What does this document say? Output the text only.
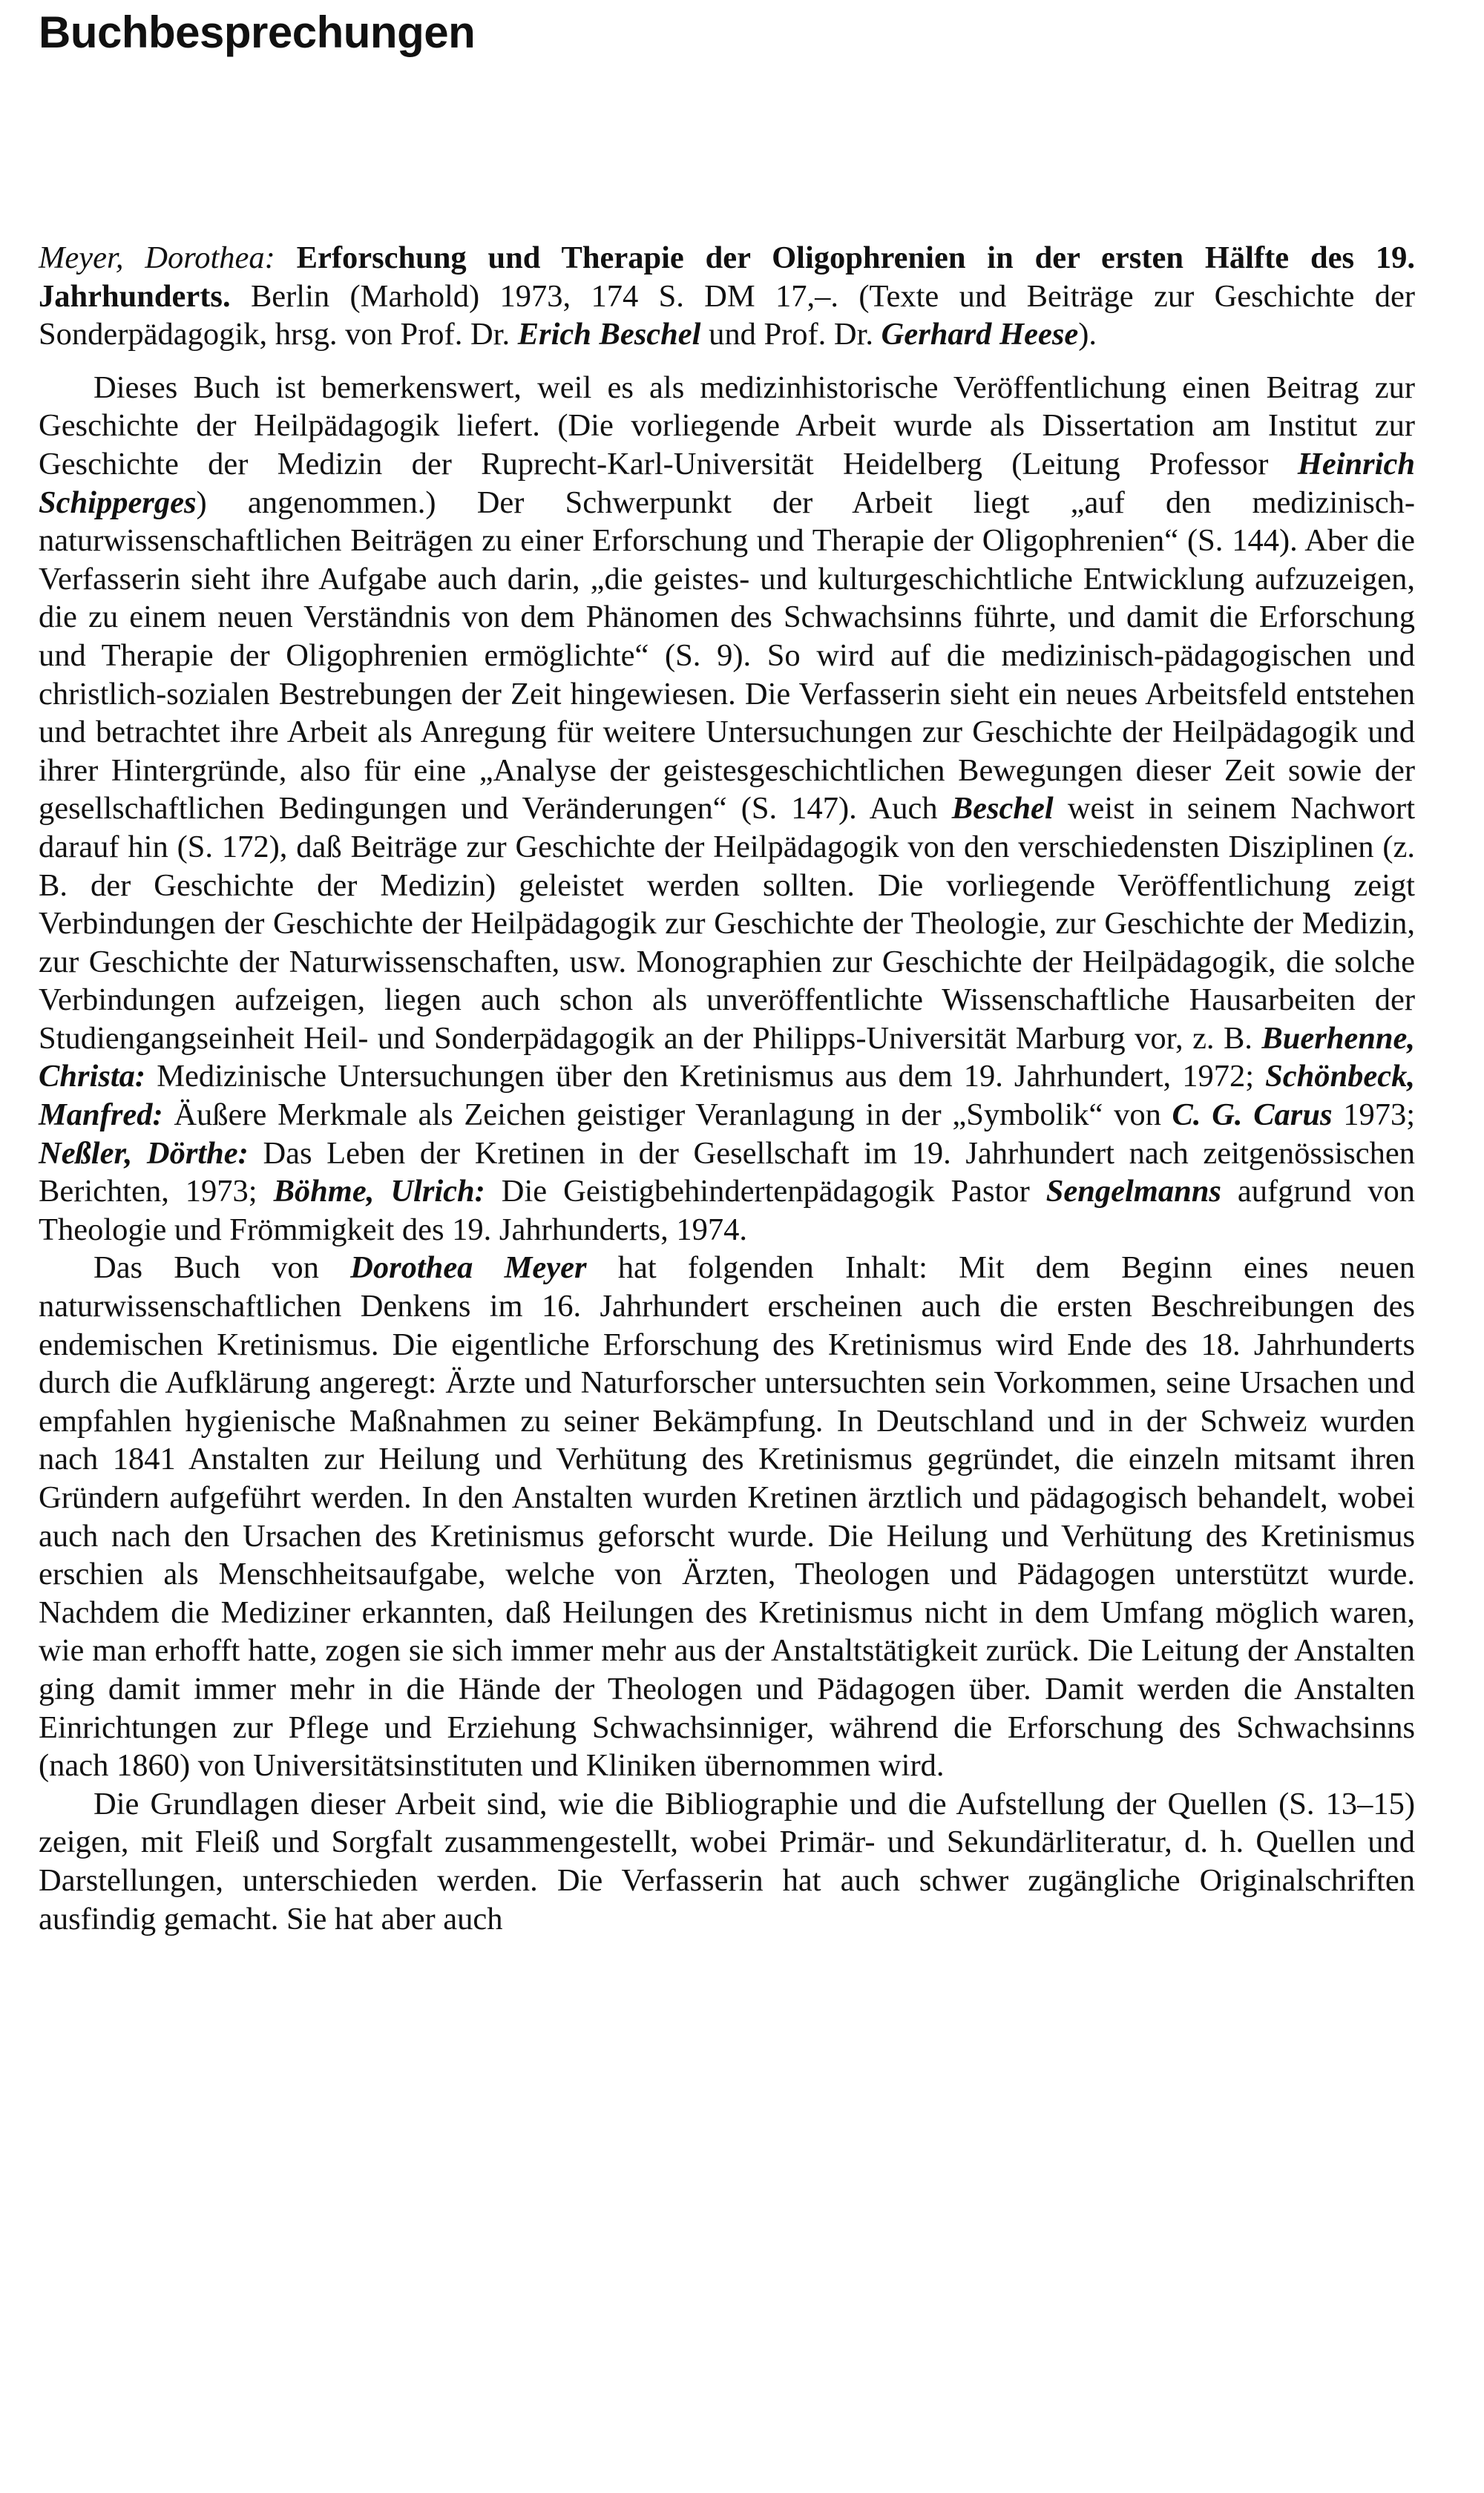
Buchbesprechungen

Meyer, Dorothea: Erforschung und Therapie der Oligophrenien in der ersten Hälfte des 19. Jahrhunderts. Berlin (Marhold) 1973, 174 S. DM 17,–. (Texte und Beiträge zur Geschichte der Sonderpädagogik, hrsg. von Prof. Dr. Erich Beschel und Prof. Dr. Gerhard Heese).

Dieses Buch ist bemerkenswert, weil es als medizinhistorische Veröffentlichung einen Beitrag zur Geschichte der Heilpädagogik liefert. (Die vorliegende Arbeit wurde als Dissertation am Institut zur Geschichte der Medizin der Ruprecht-Karl-Universität Heidelberg (Leitung Professor Heinrich Schipperges) angenommen.) Der Schwerpunkt der Arbeit liegt „auf den medizinisch-naturwissenschaftlichen Beiträgen zu einer Erforschung und Therapie der Oligophrenien“ (S. 144). Aber die Verfasserin sieht ihre Aufgabe auch darin, „die geistes- und kulturgeschichtliche Entwicklung aufzuzeigen, die zu einem neuen Verständnis von dem Phänomen des Schwachsinns führte, und damit die Erforschung und Therapie der Oligophrenien ermöglichte“ (S. 9). So wird auf die medizinisch-pädagogischen und christlich-sozialen Bestrebungen der Zeit hingewiesen. Die Verfasserin sieht ein neues Arbeitsfeld entstehen und betrachtet ihre Arbeit als Anregung für weitere Untersuchungen zur Geschichte der Heilpädagogik und ihrer Hintergründe, also für eine „Analyse der geistesgeschichtlichen Bewegungen dieser Zeit sowie der gesellschaftlichen Bedingungen und Veränderungen“ (S. 147). Auch Beschel weist in seinem Nachwort darauf hin (S. 172), daß Beiträge zur Geschichte der Heilpädagogik von den verschiedensten Disziplinen (z. B. der Geschichte der Medizin) geleistet werden sollten. Die vorliegende Veröffentlichung zeigt Verbindungen der Geschichte der Heilpädagogik zur Geschichte der Theologie, zur Geschichte der Medizin, zur Geschichte der Naturwissenschaften, usw. Monographien zur Geschichte der Heilpädagogik, die solche Verbindungen aufzeigen, liegen auch schon als unveröffentlichte Wissenschaftliche Hausarbeiten der Studiengangseinheit Heil- und Sonderpädagogik an der Philipps-Universität Marburg vor, z. B. Buerhenne, Christa: Medizinische Untersuchungen über den Kretinismus aus dem 19. Jahrhundert, 1972; Schönbeck, Manfred: Äußere Merkmale als Zeichen geistiger Veranlagung in der „Symbolik“ von C. G. Carus 1973; Neßler, Dörthe: Das Leben der Kretinen in der Gesellschaft im 19. Jahrhundert nach zeitgenössischen Berichten, 1973; Böhme, Ulrich: Die Geistigbehindertenpädagogik Pastor Sengelmanns aufgrund von Theologie und Frömmigkeit des 19. Jahrhunderts, 1974.

Das Buch von Dorothea Meyer hat folgenden Inhalt: Mit dem Beginn eines neuen naturwissenschaftlichen Denkens im 16. Jahrhundert erscheinen auch die ersten Beschreibungen des endemischen Kretinismus. Die eigentliche Erforschung des Kretinismus wird Ende des 18. Jahrhunderts durch die Aufklärung angeregt: Ärzte und Naturforscher untersuchten sein Vorkommen, seine Ursachen und empfahlen hygienische Maßnahmen zu seiner Bekämpfung. In Deutschland und in der Schweiz wurden nach 1841 Anstalten zur Heilung und Verhütung des Kretinismus gegründet, die einzeln mitsamt ihren Gründern aufgeführt werden. In den Anstalten wurden Kretinen ärztlich und pädagogisch behandelt, wobei auch nach den Ursachen des Kretinismus geforscht wurde. Die Heilung und Verhütung des Kretinismus erschien als Menschheitsaufgabe, welche von Ärzten, Theologen und Pädagogen unterstützt wurde. Nachdem die Mediziner erkannten, daß Heilungen des Kretinismus nicht in dem Umfang möglich waren, wie man erhofft hatte, zogen sie sich immer mehr aus der Anstaltstätigkeit zurück. Die Leitung der Anstalten ging damit immer mehr in die Hände der Theologen und Pädagogen über. Damit werden die Anstalten Einrichtungen zur Pflege und Erziehung Schwachsinniger, während die Erforschung des Schwachsinns (nach 1860) von Universitätsinstituten und Kliniken übernommen wird.

Die Grundlagen dieser Arbeit sind, wie die Bibliographie und die Aufstellung der Quellen (S. 13–15) zeigen, mit Fleiß und Sorgfalt zusammengestellt, wobei Primär- und Sekundärliteratur, d. h. Quellen und Darstellungen, unterschieden werden. Die Verfasserin hat auch schwer zugängliche Originalschriften ausfindig gemacht. Sie hat aber auch
